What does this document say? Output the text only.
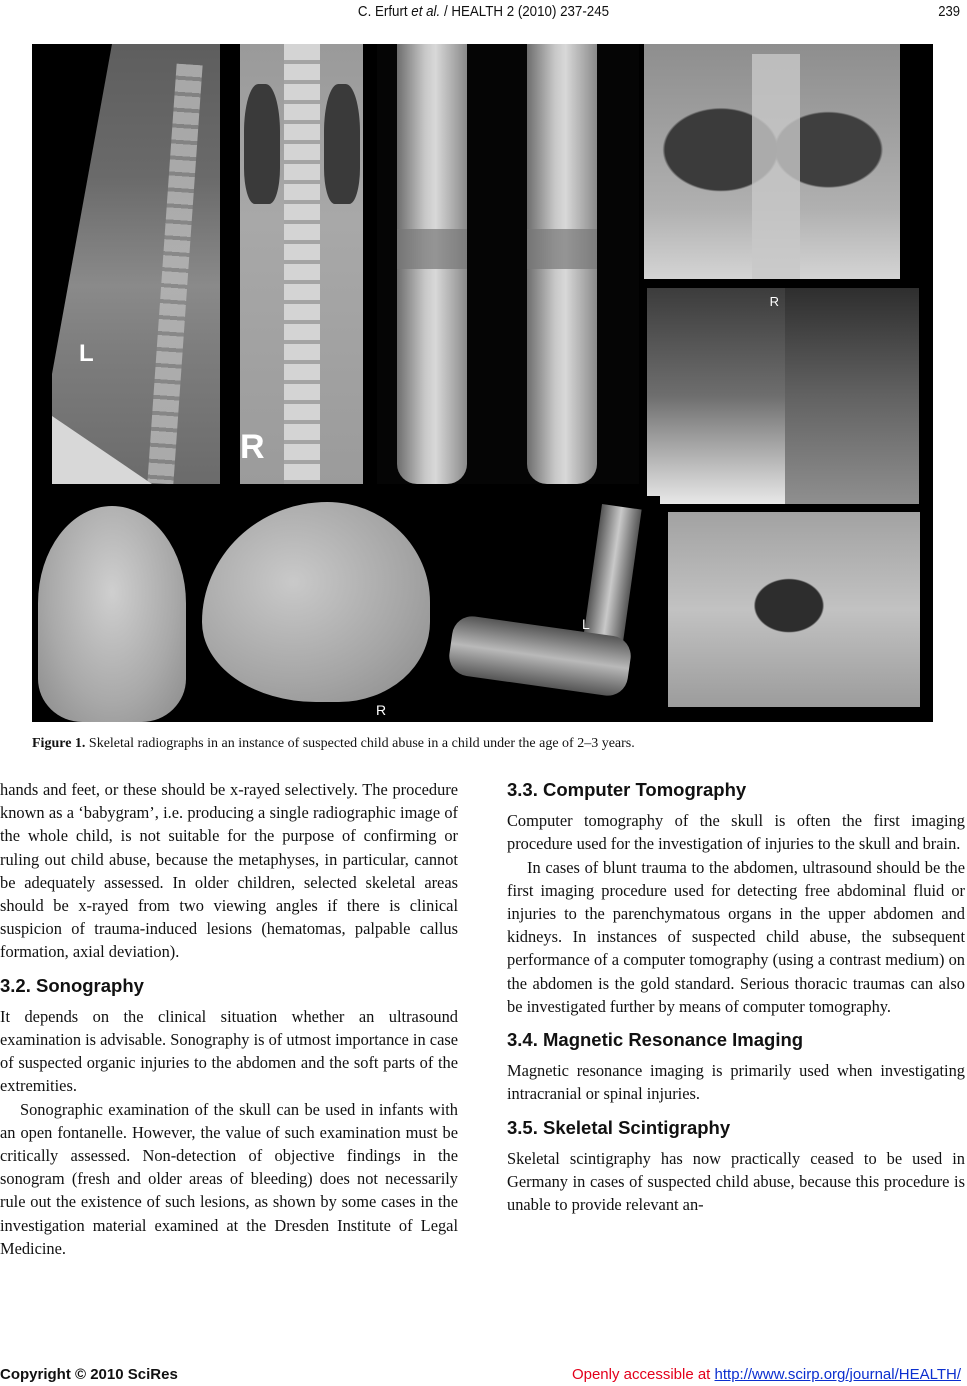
C. Erfurt et al. / HEALTH 2 (2010) 237-245	239
L
R
R
R
L
Figure 1. Skeletal radiographs in an instance of suspected child abuse in a child under the age of 2–3 years.

hands and feet, or these should be x-rayed selectively. The procedure known as a ‘babygram’, i.e. producing a single radiographic image of the whole child, is not suitable for the purpose of confirming or ruling out child abuse, because the metaphyses, in particular, cannot be adequately assessed. In older children, selected skeletal areas should be x-rayed from two viewing angles if there is clinical suspicion of trauma-induced lesions (hematomas, palpable callus formation, axial deviation).

3.2. Sonography

It depends on the clinical situation whether an ultrasound examination is advisable. Sonography is of utmost importance in case of suspected organic injuries to the abdomen and the soft parts of the extremities.

Sonographic examination of the skull can be used in infants with an open fontanelle. However, the value of such examination must be critically assessed. Non-detection of objective findings in the sonogram (fresh and older areas of bleeding) does not necessarily rule out the existence of such lesions, as shown by some cases in the investigation material examined at the Dresden Institute of Legal Medicine.

3.3. Computer Tomography

Computer tomography of the skull is often the first imaging procedure used for the investigation of injuries to the skull and brain.

In cases of blunt trauma to the abdomen, ultrasound should be the first imaging procedure used for detecting free abdominal fluid or injuries to the parenchymatous organs in the upper abdomen and kidneys. In instances of suspected child abuse, the subsequent performance of a computer tomography (using a contrast medium) on the abdomen is the gold standard. Serious thoracic traumas can also be investigated further by means of computer tomography.

3.4. Magnetic Resonance Imaging

Magnetic resonance imaging is primarily used when investigating intracranial or spinal injuries.

3.5. Skeletal Scintigraphy

Skeletal scintigraphy has now practically ceased to be used in Germany in cases of suspected child abuse, because this procedure is unable to provide relevant an-

Copyright © 2010 SciRes	Openly accessible at http://www.scirp.org/journal/HEALTH/
